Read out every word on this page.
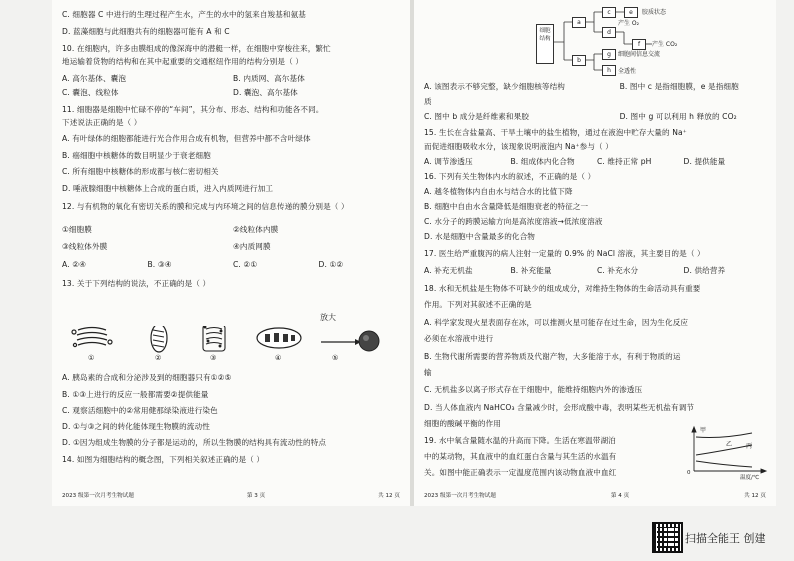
C. 细胞器 C 中进行的生理过程产生水，产生的水中的氢来自羧基和氨基
D. 蓝藻细胞与此细胞共有的细胞器可能有 A 和 C
10. 在细胞内，许多由膜组成的像深海中的潜艇一样，在细胞中穿梭往来，繁忙
地运输着货物的结构和在其中起重要的交通枢纽作用的结构分别是（ ）
A. 高尔基体、囊泡	B. 内质网、高尔基体
C. 囊泡、线粒体	D. 囊泡、高尔基体
11. 细胞器是细胞中忙碌不停的“车间”，其分布、形态、结构和功能各不同。
下述说法正确的是（ ）
A. 有叶绿体的细胞都能进行光合作用合成有机物，但营养中都不含叶绿体
B. 癌细胞中核糖体的数目明显少于衰老细胞
C. 所有细胞中核糖体的形成都与核仁密切相关
D. 唾液腺细胞中核糖体上合成的蛋白质，进入内质网进行加工
12. 与有机物的氧化有密切关系的膜和完成与内环境之间的信息传递的膜分别是（ ）
①细胞膜	②线粒体内膜
③线粒体外膜	④内质网膜
A. ②④	B. ③④	C. ②①	D. ①②
13. 关于下列结构的说法，不正确的是（ ）
放大
①	②	③	④	⑤
A. 胰岛素的合成和分泌涉及到的细胞器只有①②⑤
B. ①③上进行的反应一般都需要②提供能量
C. 观察活细胞中的②常用健那绿染液进行染色
D. ①与③之间的转化能体现生物膜的流动性
D. ①因为组成生物膜的分子都是运动的，所以生物膜的结构具有流动性的特点
14. 如图为细胞结构的概念图，下列相关叙述正确的是（ ）
2023 级第一次月考生物试题	第 3 页	共 12 页
细胞结构
a
b
c
d
e
f
g
h
胶质状态
产生 O₂
产生 CO₂
细胞间信息交流
全透性
A. 该图表示不够完整，缺少细胞核等结构	B. 图中 c 是指细胞膜，e 是指细胞
质
C. 图中 b 成分是纤维素和果胶	D. 图中 g 可以利用 h 释放的 CO₂
15. 生长在含盐量高、干旱土壤中的盐生植物，通过在液泡中贮存大量的 Na⁺
而促进细胞吸收水分，该现象说明液泡内 Na⁺参与（ ）
A. 调节渗透压	B. 组成体内化合物	C. 维持正常 pH	D. 提供能量
16. 下列有关生物体内水的叙述，不正确的是（ ）
A. 越冬植物体内自由水与结合水的比值下降
B. 细胞中自由水含量降低是细胞衰老的特征之一
C. 水分子的跨膜运输方向是高浓度溶液→低浓度溶液
D. 水是细胞中含量最多的化合物
17. 医生给严重腹泻的病人注射一定量的 0.9% 的 NaCl 溶液，其主要目的是（ ）
A. 补充无机盐	B. 补充能量	C. 补充水分	D. 供给营养
18. 水和无机盐是生物体不可缺少的组成成分，对维持生物体的生命活动具有重要
作用。下列对其叙述不正确的是
A. 科学家发现火星表面存在冰，可以推测火星可能存在过生命，因为生化反应
必须在水溶液中进行
B. 生物代谢所需要的营养物质及代谢产物，大多能溶于水，有利于物质的运
输
C. 无机盐多以离子形式存在于细胞中，能维持细胞内外的渗透压
D. 当人体血液内 NaHCO₃ 含量减少时，会形成酸中毒，表明某些无机盐有调节
细胞的酸碱平衡的作用
19. 水中氧含量随水温的升高而下降。生活在寒温带湖泊
中的某动物，其血液中的血红蛋白含量与其生活的水温有
关。如图中能正确表示一定温度范围内该动物血液中血红
甲
乙 丙
0
温度/℃
2023 级第一次月考生物试题	第 4 页	共 12 页
扫描全能王 创建
